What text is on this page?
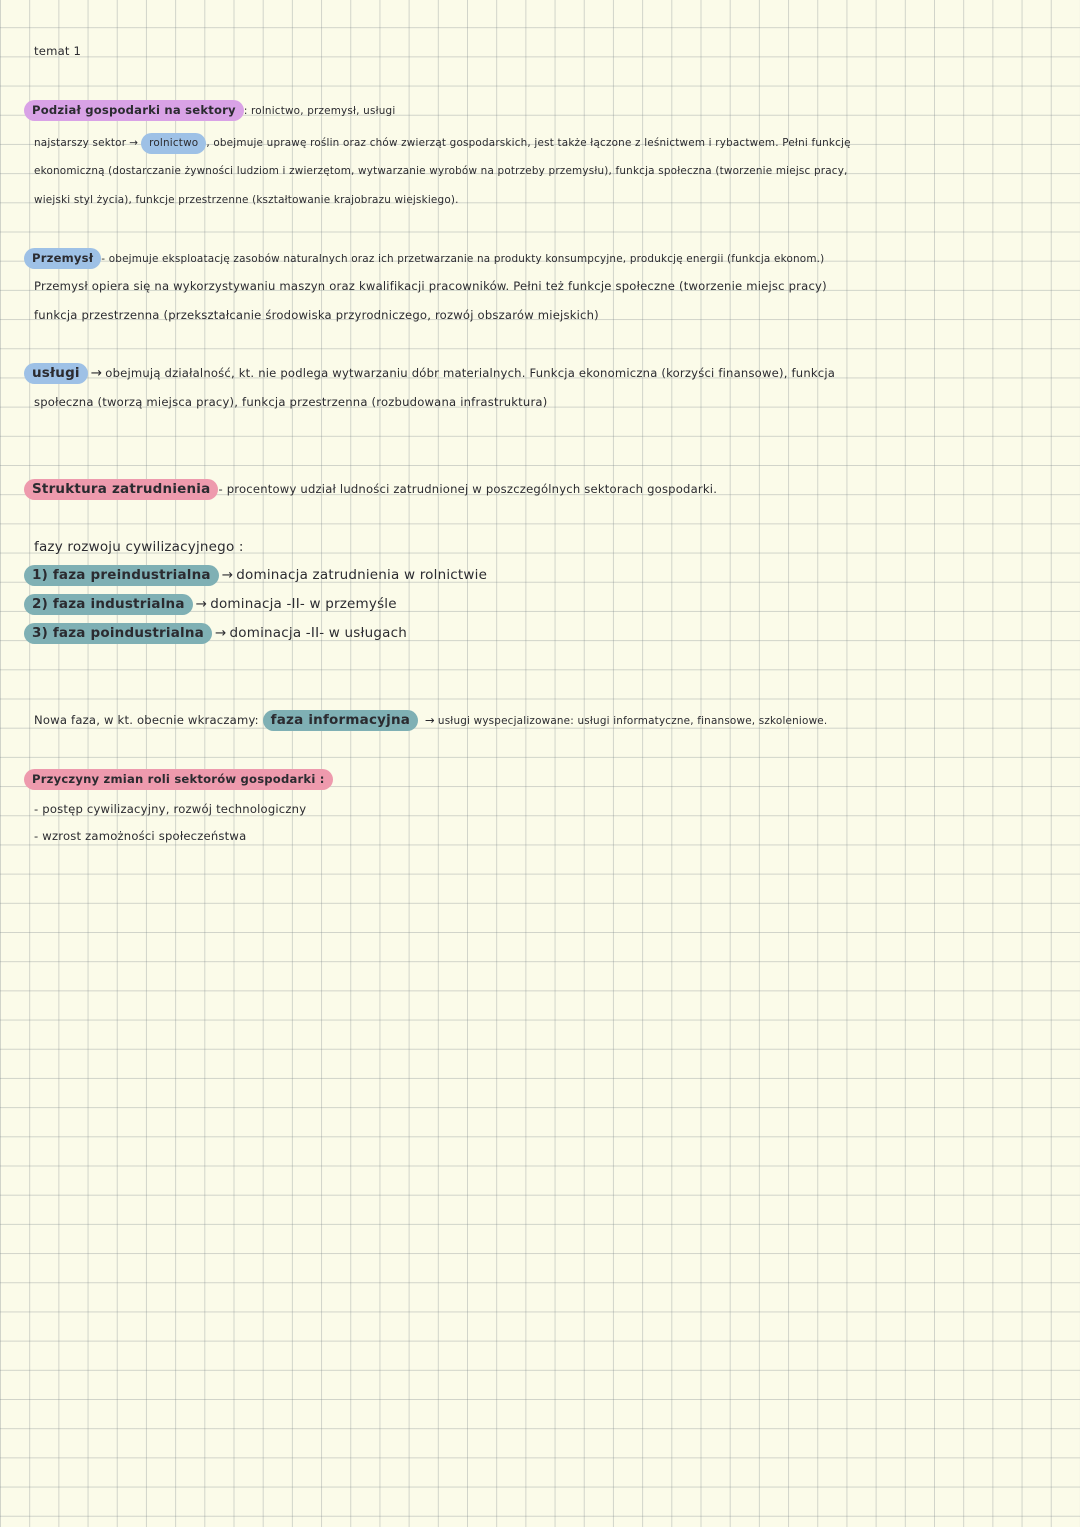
temat 1
Podział gospodarki na sektory : rolnictwo, przemysł, usługi
najstarszy sektor → rolnictwo , obejmuje uprawę roślin oraz chów zwierząt gospodarskich, jest także łączone z leśnictwem i rybactwem. Pełni funkcję
ekonomiczną (dostarczanie żywności ludziom i zwierzętom, wytwarzanie wyrobów na potrzeby przemysłu), funkcja społeczna (tworzenie miejsc pracy,
wiejski styl życia), funkcje przestrzenne (kształtowanie krajobrazu wiejskiego).
Przemysł - obejmuje eksploatację zasobów naturalnych oraz ich przetwarzanie na produkty konsumpcyjne, produkcję energii (funkcja ekonom.)
Przemysł opiera się na wykorzystywaniu maszyn oraz kwalifikacji pracowników. Pełni też funkcje społeczne (tworzenie miejsc pracy)
funkcja przestrzenna (przekształcanie środowiska przyrodniczego, rozwój obszarów miejskich)
usługi → obejmują działalność, kt. nie podlega wytwarzaniu dóbr materialnych. Funkcja ekonomiczna (korzyści finansowe), funkcja
społeczna (tworzą miejsca pracy), funkcja przestrzenna (rozbudowana infrastruktura)
Struktura zatrudnienia - procentowy udział ludności zatrudnionej w poszczególnych sektorach gospodarki.
fazy rozwoju cywilizacyjnego :
1) faza preindustrialna → dominacja zatrudnienia w rolnictwie
2) faza industrialna → dominacja -II- w przemyśle
3) faza poindustrialna → dominacja -II- w usługach
Nowa faza, w kt. obecnie wkraczamy: faza informacyjna → usługi wyspecjalizowane: usługi informatyczne, finansowe, szkoleniowe.
Przyczyny zmian roli sektorów gospodarki :
- postęp cywilizacyjny, rozwój technologiczny
- wzrost zamożności społeczeństwa
